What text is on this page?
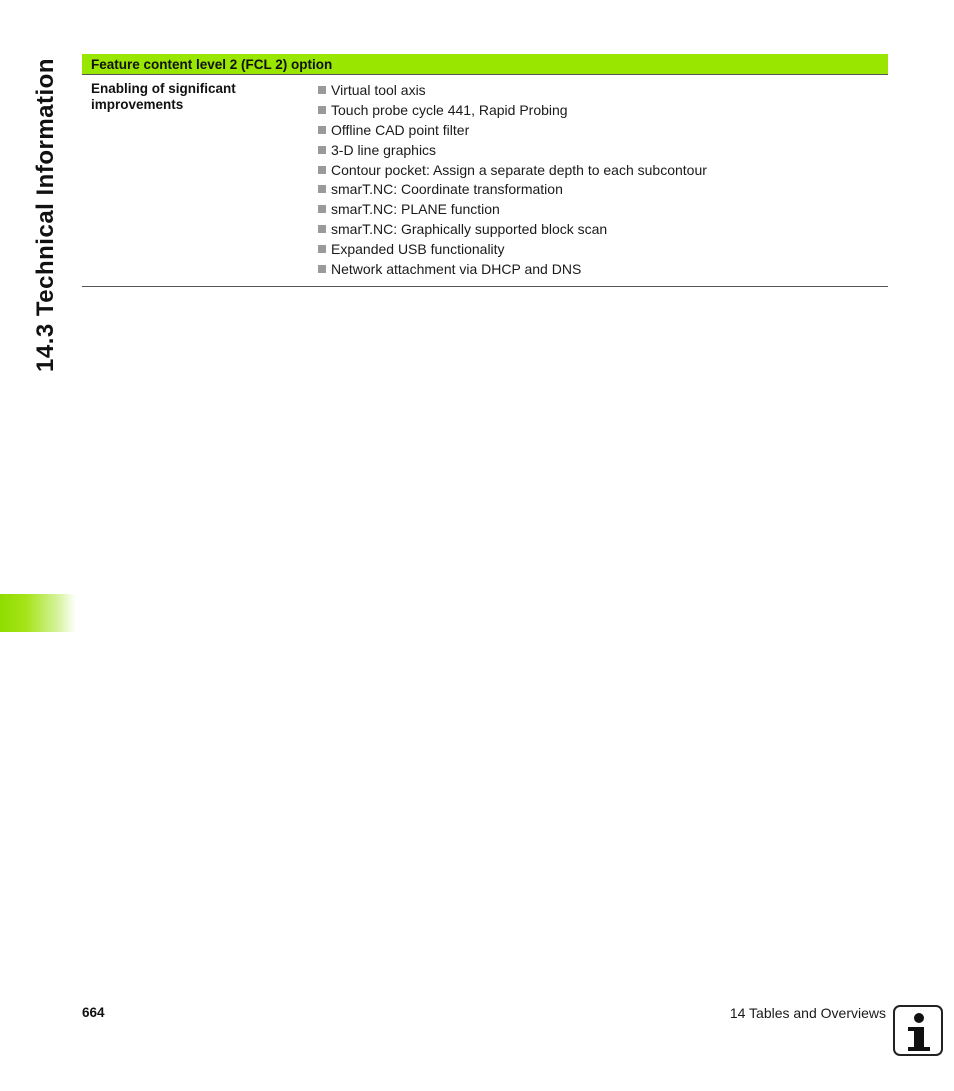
14.3 Technical Information	Feature content level 2 (FCL 2) option
Enabling of significant improvements
Virtual tool axis
Touch probe cycle 441, Rapid Probing
Offline CAD point filter
3-D line graphics
Contour pocket: Assign a separate depth to each subcontour
smarT.NC: Coordinate transformation
smarT.NC: PLANE function
smarT.NC: Graphically supported block scan
Expanded USB functionality
Network attachment via DHCP and DNS
664	14 Tables and Overviews
